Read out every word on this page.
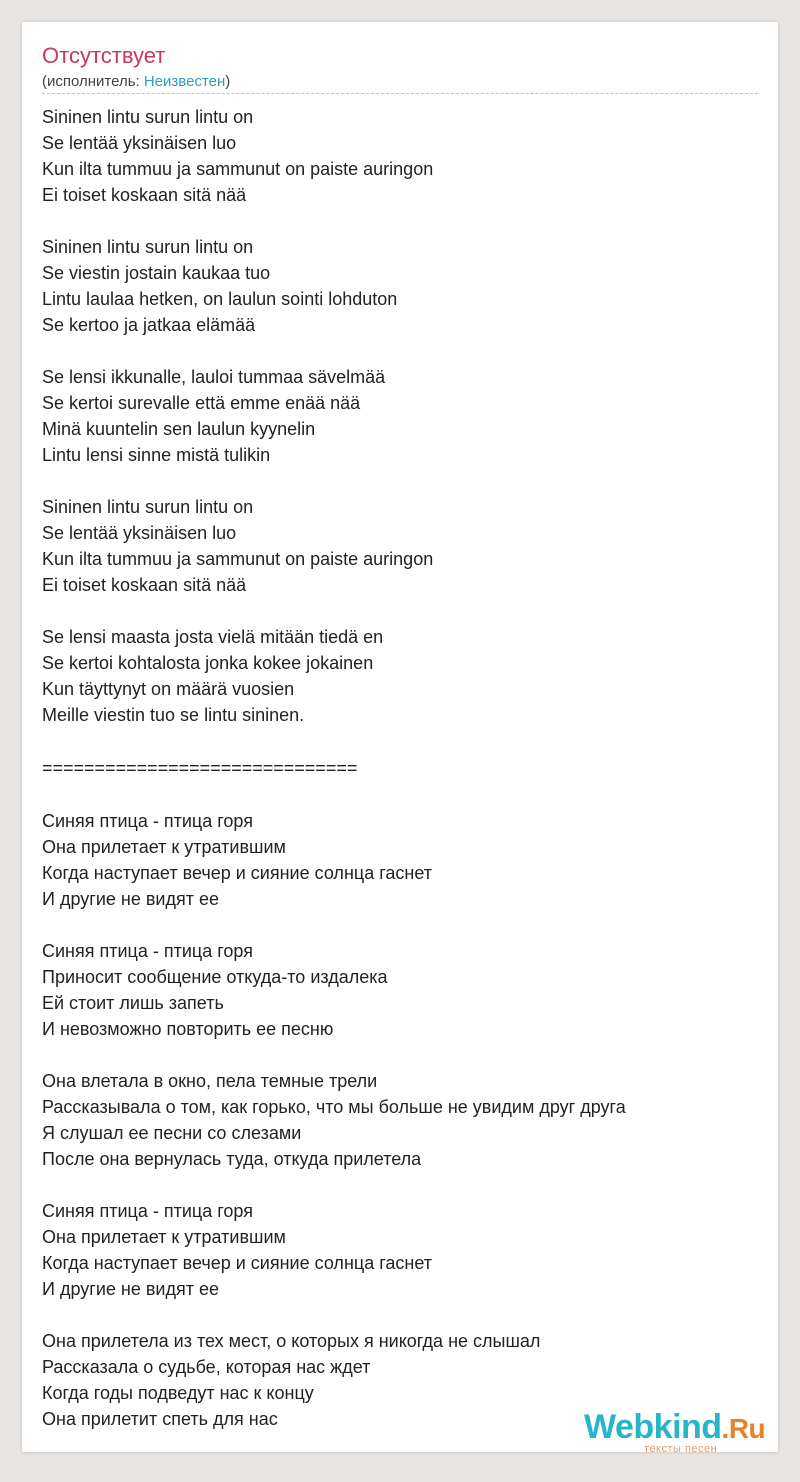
Отсутствует
(исполнитель: Неизвестен)
Sininen lintu surun lintu on
Se lentää yksinäisen luo
Kun ilta tummuu ja sammunut on paiste auringon
Ei toiset koskaan sitä nää
Sininen lintu surun lintu on
Se viestin jostain kaukaa tuo
Lintu laulaa hetken, on laulun sointi lohduton
Se kertoo ja jatkaa elämää
Se lensi ikkunalle, lauloi tummaa sävelmää
Se kertoi surevalle että emme enää nää
Minä kuuntelin sen laulun kyynelin
Lintu lensi sinne mistä tulikin
Sininen lintu surun lintu on
Se lentää yksinäisen luo
Kun ilta tummuu ja sammunut on paiste auringon
Ei toiset koskaan sitä nää
Se lensi maasta josta vielä mitään tiedä en
Se kertoi kohtalosta jonka kokee jokainen
Kun täyttynyt on määrä vuosien
Meille viestin tuo se lintu sininen.
==============================
Синяя птица - птица горя
Она прилетает к утратившим
Когда наступает вечер и сияние солнца гаснет
И другие не видят ее
Синяя птица - птица горя
Приносит сообщение откуда-то издалека
Ей стоит лишь запеть
И невозможно повторить ее песню
Она влетала в окно, пела темные трели
Рассказывала о том, как горько, что мы больше не увидим друг друга
Я слушал ее песни со слезами
После она вернулась туда, откуда прилетела
Синяя птица - птица горя
Она прилетает к утратившим
Когда наступает вечер и сияние солнца гаснет
И другие не видят ее
Она прилетела из тех мест, о которых я никогда не слышал
Рассказала о судьбе, которая нас ждет
Когда годы подведут нас к концу
Она прилетит спеть для нас	Webkind.Ru
тексты песен
